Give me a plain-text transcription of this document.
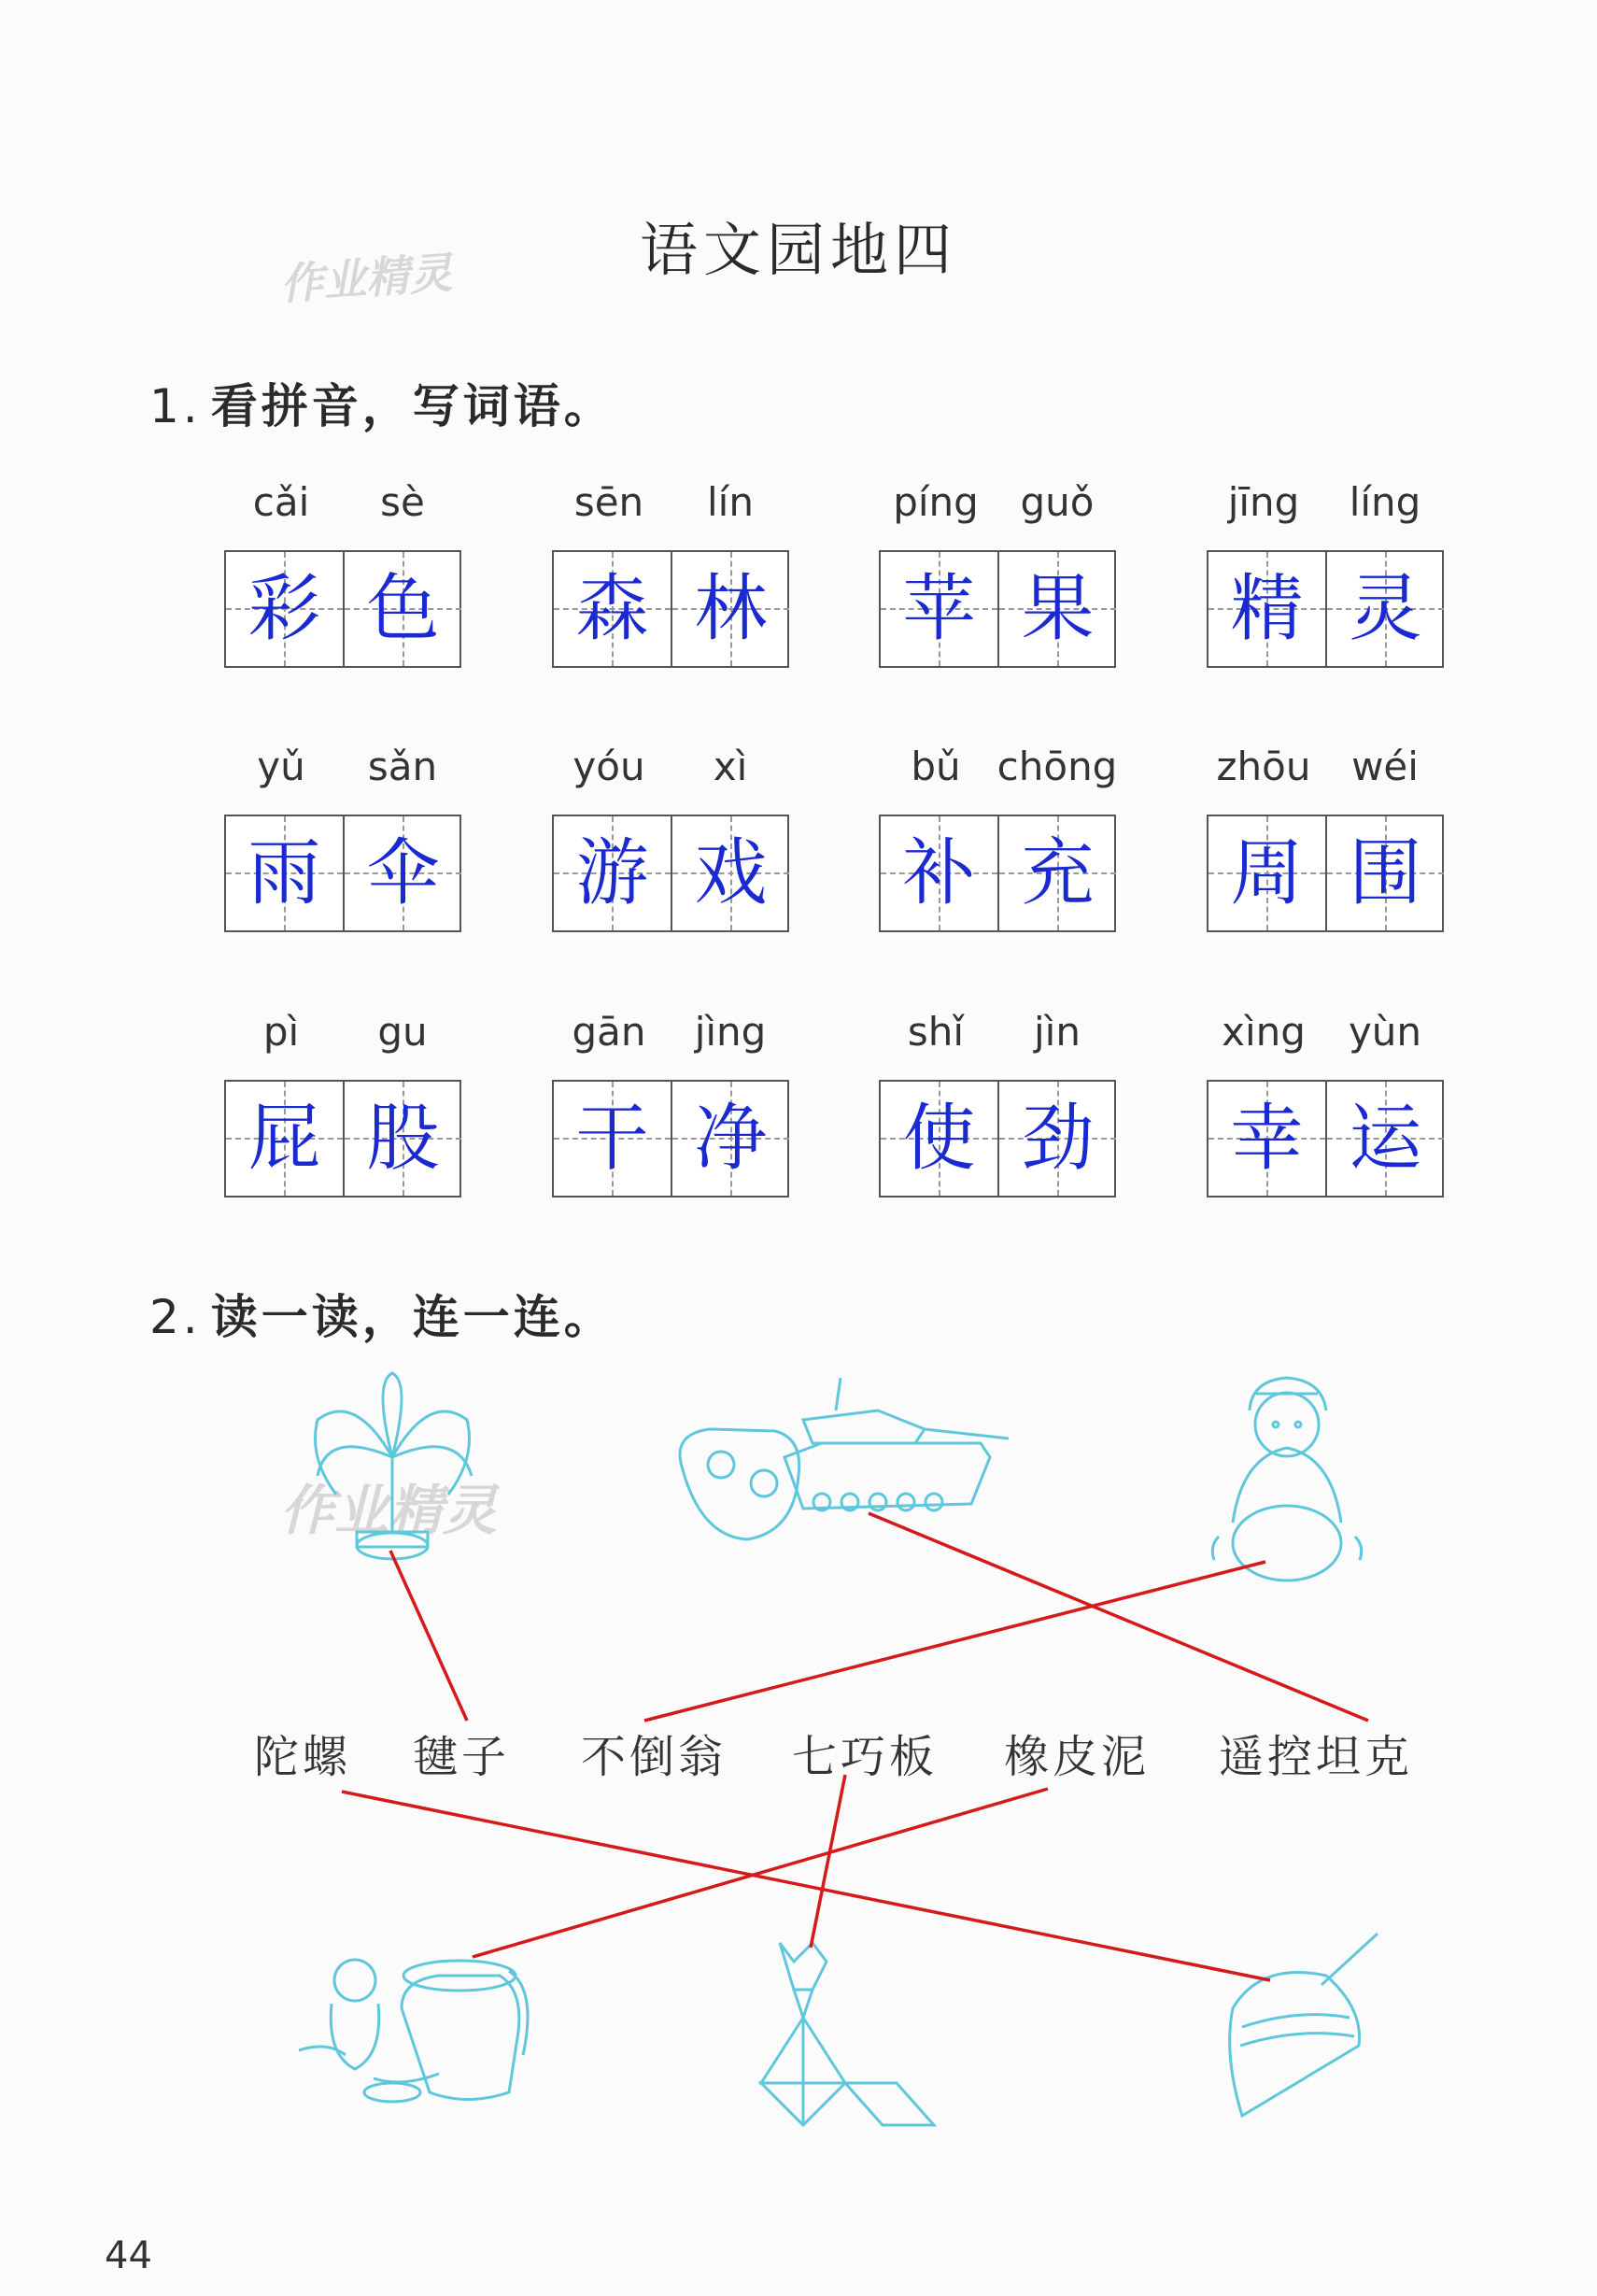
语文园地四
作业精灵
作业精灵
1. 看拼音，写词语。
cǎi	sè
彩 色
sēn	lín
森 林
píng	guǒ
苹 果
jīng	líng
精 灵
yǔ	sǎn
雨 伞
yóu	xì
游 戏
bǔ chōng
补 充
zhōu	wéi
周 围
pì	gu
屁 股
gān	jìng
干 净
shǐ	jìn
使 劲
xìng	yùn
幸 运
2. 读一读，连一连。
陀螺 毽子 不倒翁 七巧板 橡皮泥 遥控坦克
44
